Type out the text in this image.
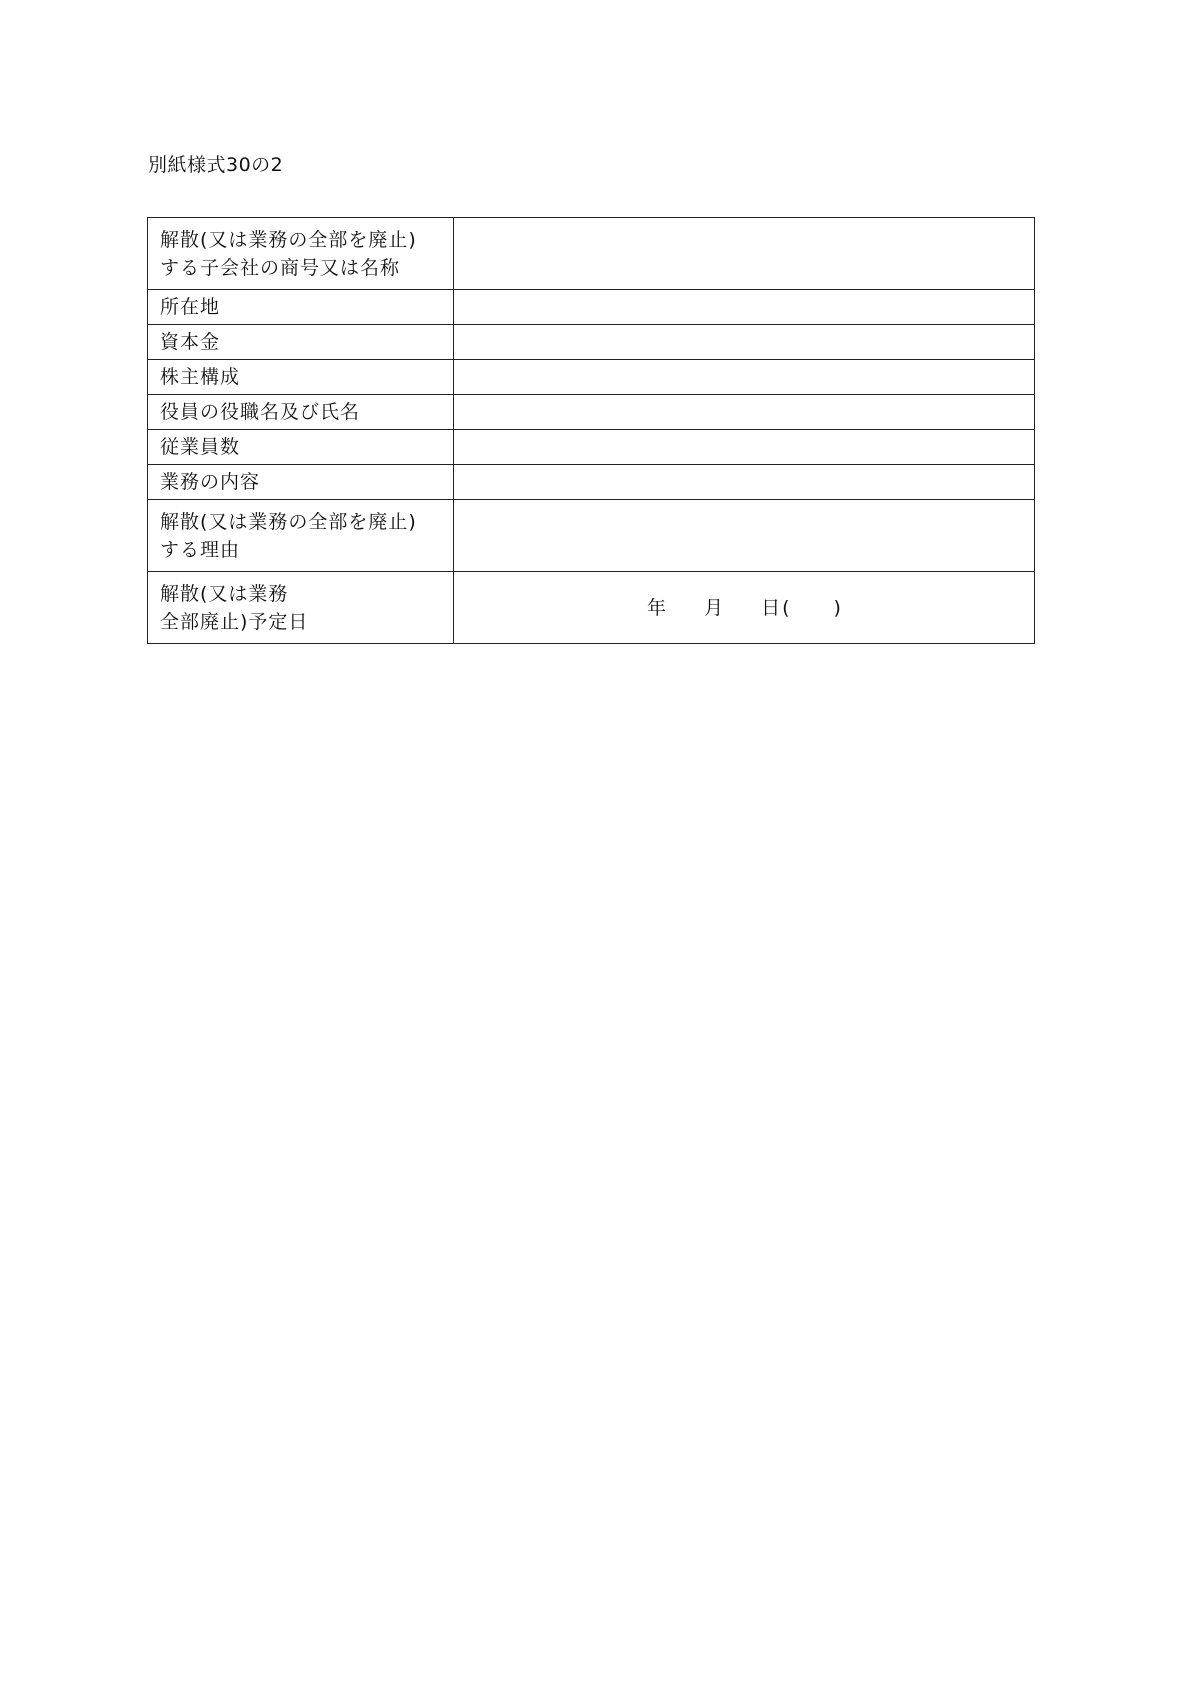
別紙様式30の2
解散(又は業務の全部を廃止)
する子会社の商号又は名称	

所在地	
資本金	
株主構成	
役員の役職名及び氏名	
従業員数	
業務の内容	

解散(又は業務の全部を廃止)
する理由	

解散(又は業務
全部廃止)予定日	年 月 日 ( )
